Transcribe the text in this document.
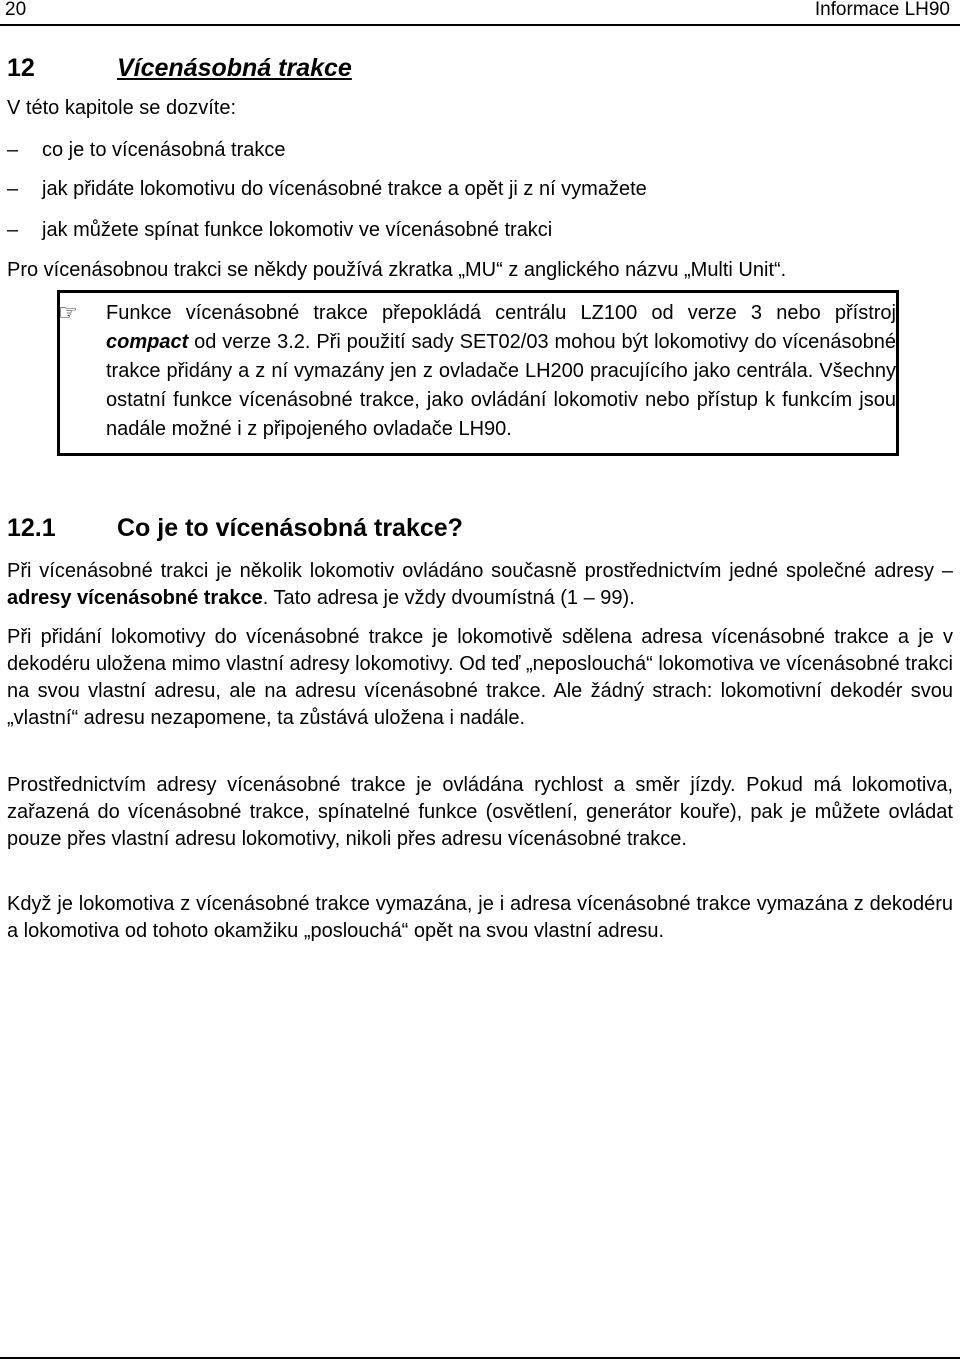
20	Informace LH90
12	Vícenásobná trakce
V této kapitole se dozvíte:
– co je to vícenásobná trakce
– jak přidáte lokomotivu do vícenásobné trakce a opět ji z ní vymažete
– jak můžete spínat funkce lokomotiv ve vícenásobné trakci
Pro vícenásobnou trakci se někdy používá zkratka „MU“ z anglického názvu „Multi Unit“.
☞ Funkce vícenásobné trakce přepokládá centrálu LZ100 od verze 3 nebo přístroj compact od verze 3.2. Při použití sady SET02/03 mohou být lokomotivy do vícenásobné trakce přidány a z ní vymazány jen z ovladače LH200 pracujícího jako centrála. Všechny ostatní funkce vícenásobné trakce, jako ovládání lokomotiv nebo přístup k funkcím jsou nadále možné i z připojeného ovladače LH90.
12.1 Co je to vícenásobná trakce?
Při vícenásobné trakci je několik lokomotiv ovládáno současně prostřednictvím jedné společné adresy – adresy vícenásobné trakce. Tato adresa je vždy dvoumístná (1 – 99).
Při přidání lokomotivy do vícenásobné trakce je lokomotivě sdělena adresa vícenásobné trakce a je v dekodéru uložena mimo vlastní adresy lokomotivy. Od teď „neposlouchá“ lokomotiva ve vícenásobné trakci na svou vlastní adresu, ale na adresu vícenásobné trakce. Ale žádný strach: lokomotivní dekodér svou „vlastní“ adresu nezapomene, ta zůstává uložena i nadále.
Prostřednictvím adresy vícenásobné trakce je ovládána rychlost a směr jízdy. Pokud má lokomotiva, zařazená do vícenásobné trakce, spínatelné funkce (osvětlení, generátor kouře), pak je můžete ovládat pouze přes vlastní adresu lokomotivy, nikoli přes adresu vícenásobné trakce.
Když je lokomotiva z vícenásobné trakce vymazána, je i adresa vícenásobné trakce vymazána z dekodéru a lokomotiva od tohoto okamžiku „poslouchá“ opět na svou vlastní adresu.
